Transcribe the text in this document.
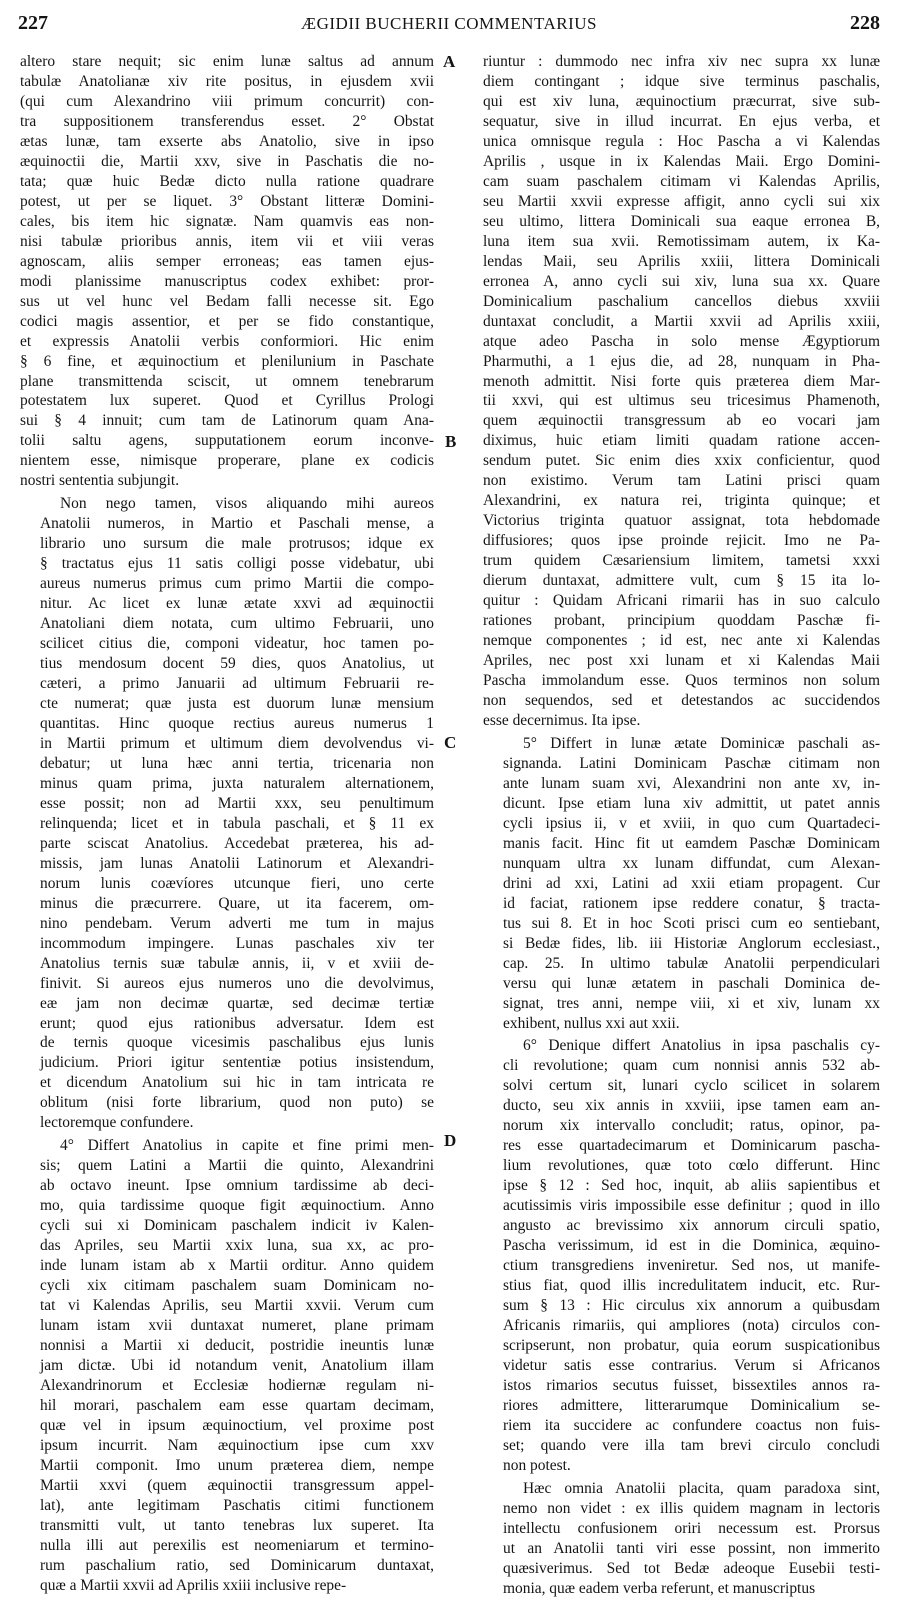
227	ÆGIDII BUCHERII COMMENTARIUS	228

altero stare nequit; sic enim lunæ saltus ad annum
tabulæ Anatolianæ xiv rite positus, in ejusdem xvii
(qui cum Alexandrino viii primum concurrit) con-
tra suppositionem transferendus esset. 2° Obstat
ætas lunæ, tam exserte abs Anatolio, sive in ipso
æquinoctii die, Martii xxv, sive in Paschatis die no-
tata; quæ huic Bedæ dicto nulla ratione quadrare
potest, ut per se liquet. 3° Obstant litteræ Domini-
cales, bis item hic signatæ. Nam quamvis eas non-
nisi tabulæ prioribus annis, item vii et viii veras
agnoscam, aliis semper erroneas; eas tamen ejus-
modi planissime manuscriptus codex exhibet: pror-
sus ut vel hunc vel Bedam falli necesse sit. Ego
codici magis assentior, et per se fido constantique,
et expressis Anatolii verbis conformiori. Hic enim
§ 6 fine, et æquinoctium et plenilunium in Paschate
plane transmittenda sciscit, ut omnem tenebrarum
potestatem lux superet. Quod et Cyrillus Prologi
sui § 4 innuit; cum tam de Latinorum quam Ana-
tolii saltu agens, supputationem eorum inconve-
nientem esse, nimisque properare, plane ex codicis
nostri sententia subjungit.

Non nego tamen, visos aliquando mihi aureos
Anatolii numeros, in Martio et Paschali mense, a
librario uno sursum die male protrusos; idque ex
§ tractatus ejus 11 satis colligi posse videbatur, ubi
aureus numerus primus cum primo Martii die compo-
nitur. Ac licet ex lunæ ætate xxvi ad æquinoctii
Anatoliani diem notata, cum ultimo Februarii, uno
scilicet citius die, componi videatur, hoc tamen po-
tius mendosum docent 59 dies, quos Anatolius, ut
cæteri, a primo Januarii ad ultimum Februarii re-
cte numerat; quæ justa est duorum lunæ mensium
quantitas. Hinc quoque rectius aureus numerus 1
in Martii primum et ultimum diem devolvendus vi-
debatur; ut luna hæc anni tertia, tricenaria non
minus quam prima, juxta naturalem alternationem,
esse possit; non ad Martii xxx, seu penultimum
relinquenda; licet et in tabula paschali, et § 11 ex
parte sciscat Anatolius. Accedebat præterea, his ad-
missis, jam lunas Anatolii Latinorum et Alexandri-
norum lunis coævíores utcunque fieri, uno certe
minus die præcurrere. Quare, ut ita facerem, om-
nino pendebam. Verum adverti me tum in majus
incommodum impingere. Lunas paschales xiv ter
Anatolius ternis suæ tabulæ annis, ii, v et xviii de-
finivit. Si aureos ejus numeros uno die devolvimus,
eæ jam non decimæ quartæ, sed decimæ tertiæ
erunt; quod ejus rationibus adversatur. Idem est
de ternis quoque vicesimis paschalibus ejus lunis
judicium. Priori igitur sententiæ potius insistendum,
et dicendum Anatolium sui hic in tam intricata re
oblitum (nisi forte librarium, quod non puto) se
lectoremque confundere.

4° Differt Anatolius in capite et fine primi men-
sis; quem Latini a Martii die quinto, Alexandrini
ab octavo ineunt. Ipse omnium tardissime ab deci-
mo, quia tardissime quoque figit æquinoctium. Anno
cycli sui xi Dominicam paschalem indicit iv Kalen-
das Apriles, seu Martii xxix luna, sua xx, ac pro-
inde lunam istam ab x Martii orditur. Anno quidem
cycli xix citimam paschalem suam Dominicam no-
tat vi Kalendas Aprilis, seu Martii xxvii. Verum cum
lunam istam xvii duntaxat numeret, plane primam
nonnisi a Martii xi deducit, postridie ineuntis lunæ
jam dictæ. Ubi id notandum venit, Anatolium illam
Alexandrinorum et Ecclesiæ hodiernæ regulam ni-
hil morari, paschalem eam esse quartam decimam,
quæ vel in ipsum æquinoctium, vel proxime post
ipsum incurrit. Nam æquinoctium ipse cum xxv
Martii componit. Imo unum præterea diem, nempe
Martii xxvi (quem æquinoctii transgressum appel-
lat), ante legitimam Paschatis citimi functionem
transmitti vult, ut tanto tenebras lux superet. Ita
nulla illi aut perexilis est neomeniarum et termino-
rum paschalium ratio, sed Dominicarum duntaxat,
quæ a Martii xxvii ad Aprilis xxiii inclusive repe-

riuntur : dummodo nec infra xiv nec supra xx lunæ
diem contingant ; idque sive terminus paschalis,
qui est xiv luna, æquinoctium præcurrat, sive sub-
sequatur, sive in illud incurrat. En ejus verba, et
unica omnisque regula : Hoc Pascha a vi Kalendas
Aprilis , usque in ix Kalendas Maii. Ergo Domini-
cam suam paschalem citimam vi Kalendas Aprilis,
seu Martii xxvii expresse affigit, anno cycli sui xix
seu ultimo, littera Dominicali sua eaque erronea B,
luna item sua xvii. Remotissimam autem, ix Ka-
lendas Maii, seu Aprilis xxiii, littera Dominicali
erronea A, anno cycli sui xiv, luna sua xx. Quare
Dominicalium paschalium cancellos diebus xxviii
duntaxat concludit, a Martii xxvii ad Aprilis xxiii,
atque adeo Pascha in solo mense Ægyptiorum
Pharmuthi, a 1 ejus die, ad 28, nunquam in Pha-
menoth admittit. Nisi forte quis præterea diem Mar-
tii xxvi, qui est ultimus seu tricesimus Phamenoth,
quem æquinoctii transgressum ab eo vocari jam
diximus, huic etiam limiti quadam ratione accen-
sendum putet. Sic enim dies xxix conficientur, quod
non existimo. Verum tam Latini prisci quam
Alexandrini, ex natura rei, triginta quinque; et
Victorius triginta quatuor assignat, tota hebdomade
diffusiores; quos ipse proinde rejicit. Imo ne Pa-
trum quidem Cæsariensium limitem, tametsi xxxi
dierum duntaxat, admittere vult, cum § 15 ita lo-
quitur : Quidam Africani rimarii has in suo calculo
rationes probant, principium quoddam Paschæ fi-
nemque componentes ; id est, nec ante xi Kalendas
Apriles, nec post xxi lunam et xi Kalendas Maii
Pascha immolandum esse. Quos terminos non solum
non sequendos, sed et detestandos ac succidendos
esse decernimus. Ita ipse.

5° Differt in lunæ ætate Dominicæ paschali as-
signanda. Latini Dominicam Paschæ citimam non
ante lunam suam xvi, Alexandrini non ante xv, in-
dicunt. Ipse etiam luna xiv admittit, ut patet annis
cycli ipsius ii, v et xviii, in quo cum Quartadeci-
manis facit. Hinc fit ut eamdem Paschæ Dominicam
nunquam ultra xx lunam diffundat, cum Alexan-
drini ad xxi, Latini ad xxii etiam propagent. Cur
id faciat, rationem ipse reddere conatur, § tracta-
tus sui 8. Et in hoc Scoti prisci cum eo sentiebant,
si Bedæ fides, lib. iii Historiæ Anglorum ecclesiast.,
cap. 25. In ultimo tabulæ Anatolii perpendiculari
versu qui lunæ ætatem in paschali Dominica de-
signat, tres anni, nempe viii, xi et xiv, lunam xx
exhibent, nullus xxi aut xxii.

6° Denique differt Anatolius in ipsa paschalis cy-
cli revolutione; quam cum nonnisi annis 532 ab-
solvi certum sit, lunari cyclo scilicet in solarem
ducto, seu xix annis in xxviii, ipse tamen eam an-
norum xix intervallo concludit; ratus, opinor, pa-
res esse quartadecimarum et Dominicarum pascha-
lium revolutiones, quæ toto cœlo differunt. Hinc
ipse § 12 : Sed hoc, inquit, ab aliis sapientibus et
acutissimis viris impossibile esse definitur ; quod in illo
angusto ac brevissimo xix annorum circuli spatio,
Pascha verissimum, id est in die Dominica, æquino-
ctium transgrediens inveniretur. Sed nos, ut manife-
stius fiat, quod illis incredulitatem inducit, etc. Rur-
sum § 13 : Hic circulus xix annorum a quibusdam
Africanis rimariis, qui ampliores (nota) circulos con-
scripserunt, non probatur, quia eorum suspicationibus
videtur satis esse contrarius. Verum si Africanos
istos rimarios secutus fuisset, bissextiles annos ra-
riores admittere, litterarumque Dominicalium se-
riem ita succidere ac confundere coactus non fuis-
set; quando vere illa tam brevi circulo concludi
non potest.

Hæc omnia Anatolii placita, quam paradoxa sint,
nemo non videt : ex illis quidem magnam in lectoris
intellectu confusionem oriri necessum est. Prorsus
ut an Anatolii tanti viri esse possint, non immerito
quæsiverimus. Sed tot Bedæ adeoque Eusebii testi-
monia, quæ eadem verba referunt, et manuscriptus

A
B
C
D
